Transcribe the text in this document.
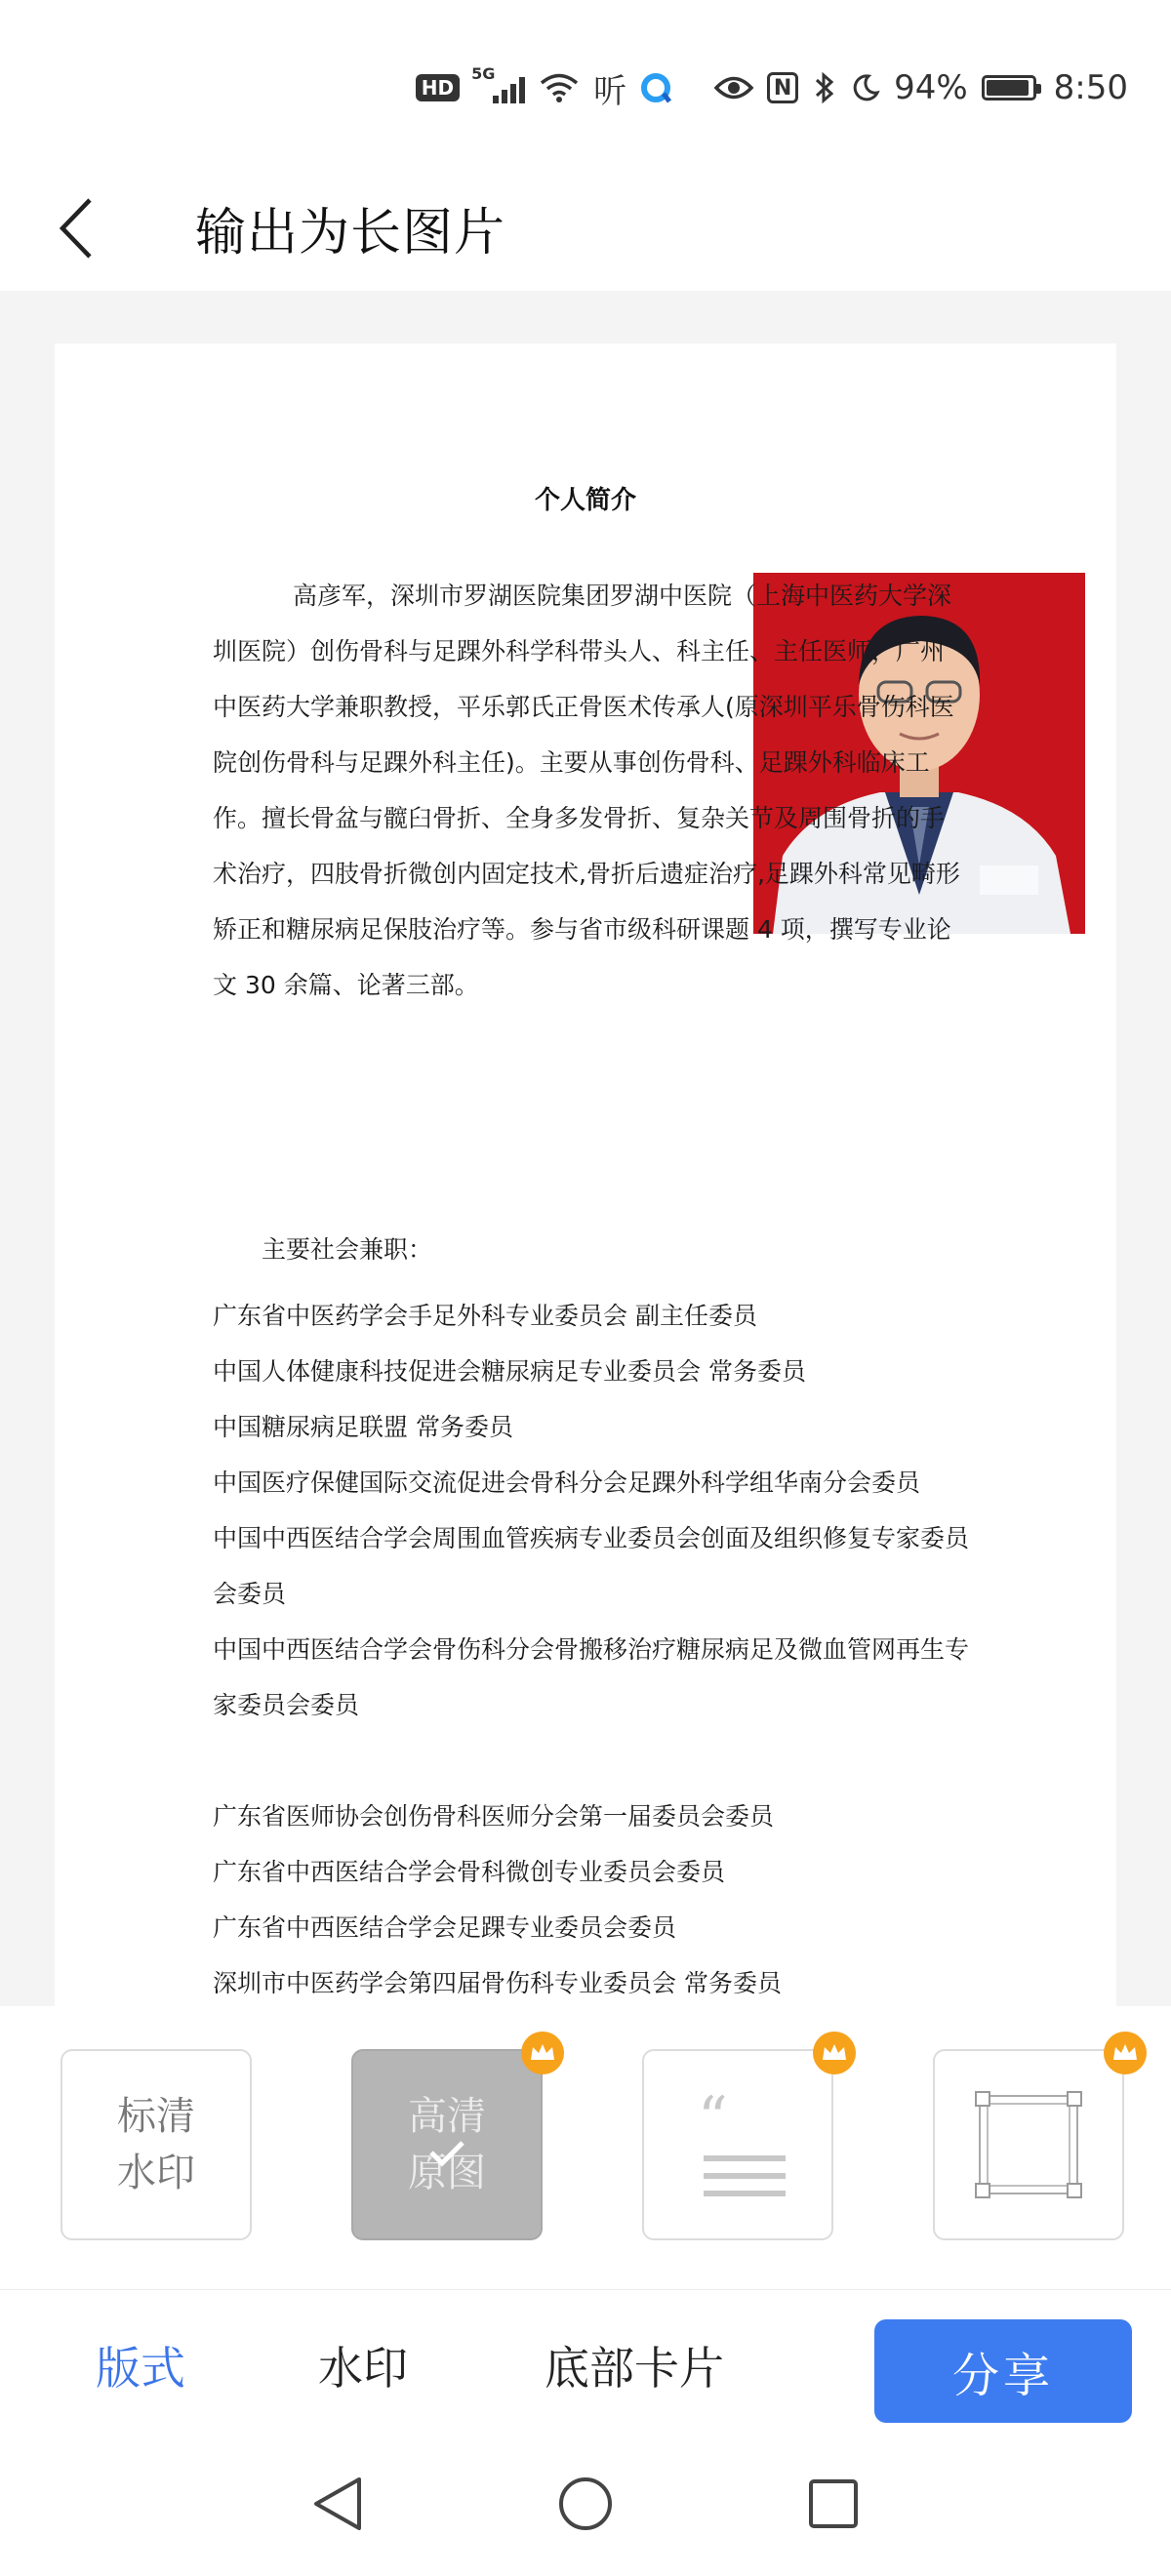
HD
5G	听	N	94%	8:50
输出为长图片
个人简介
高彦军，深圳市罗湖医院集团罗湖中医院（上海中医药大学深圳医院）创伤骨科与足踝外科学科带头人、科主任、主任医师，广州中医药大学兼职教授，平乐郭氏正骨医术传承人(原深圳平乐骨伤科医院创伤骨科与足踝外科主任)。主要从事创伤骨科、足踝外科临床工作。擅长骨盆与髋臼骨折、全身多发骨折、复杂关节及周围骨折的手术治疗，四肢骨折微创内固定技术,骨折后遗症治疗,足踝外科常见畸形矫正和糖尿病足保肢治疗等。参与省市级科研课题 4 项，撰写专业论文 30 余篇、论著三部。

主要社会兼职：

广东省中医药学会手足外科专业委员会 副主任委员

中国人体健康科技促进会糖尿病足专业委员会 常务委员

中国糖尿病足联盟 常务委员

中国医疗保健国际交流促进会骨科分会足踝外科学组华南分会委员

中国中西医结合学会周围血管疾病专业委员会创面及组织修复专家委员会委员

中国中西医结合学会骨伤科分会骨搬移治疗糖尿病足及微血管网再生专家委员会委员

广东省医师协会创伤骨科医师分会第一届委员会委员

广东省中西医结合学会骨科微创专业委员会委员

广东省中西医结合学会足踝专业委员会委员

深圳市中医药学会第四届骨伤科专业委员会 常务委员

标清
水印
高清
原图
“
版式	水印	底部卡片	分享
